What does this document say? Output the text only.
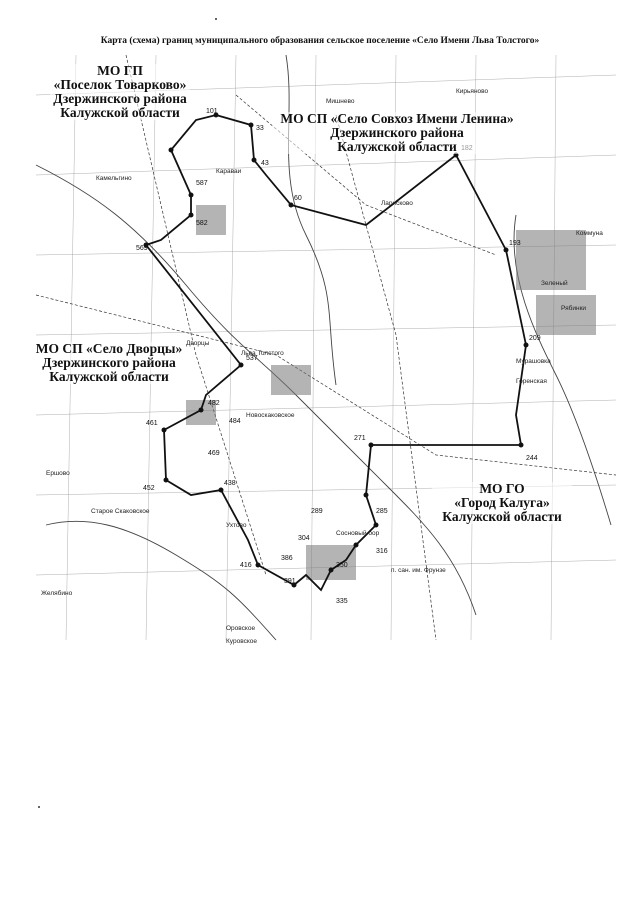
Карта (схема) границ муниципального образования сельское поселение «Село Имени Льва Толстого»
101
33
43
60
193
209
587
582
569
537
482
484
461
469
452
438
271
244
289	285
304
316
350
386
391
416
335
Мишнево
Кирьяново
Камельгино
Караваи
Ларисково
Дворцы
Льва Толстого
Новоскаковское
Старое Скаковское
Ухтово
Оровское
Сосновый бор
п. сан. им. Фрунзе
Куровское
Мурашовка
Горенская
Рябинки
Зеленый
Желябино
Ершово
Коммуна
МО ГП
«Поселок Товарково»
Дзержинского района
Калужской области	МО СП «Село Совхоз Имени Ленина»
Дзержинского района
Калужской области
МО СП «Село Дворцы»
Дзержинского района
Калужской области
МО ГО
«Город Калуга»
Калужской области
